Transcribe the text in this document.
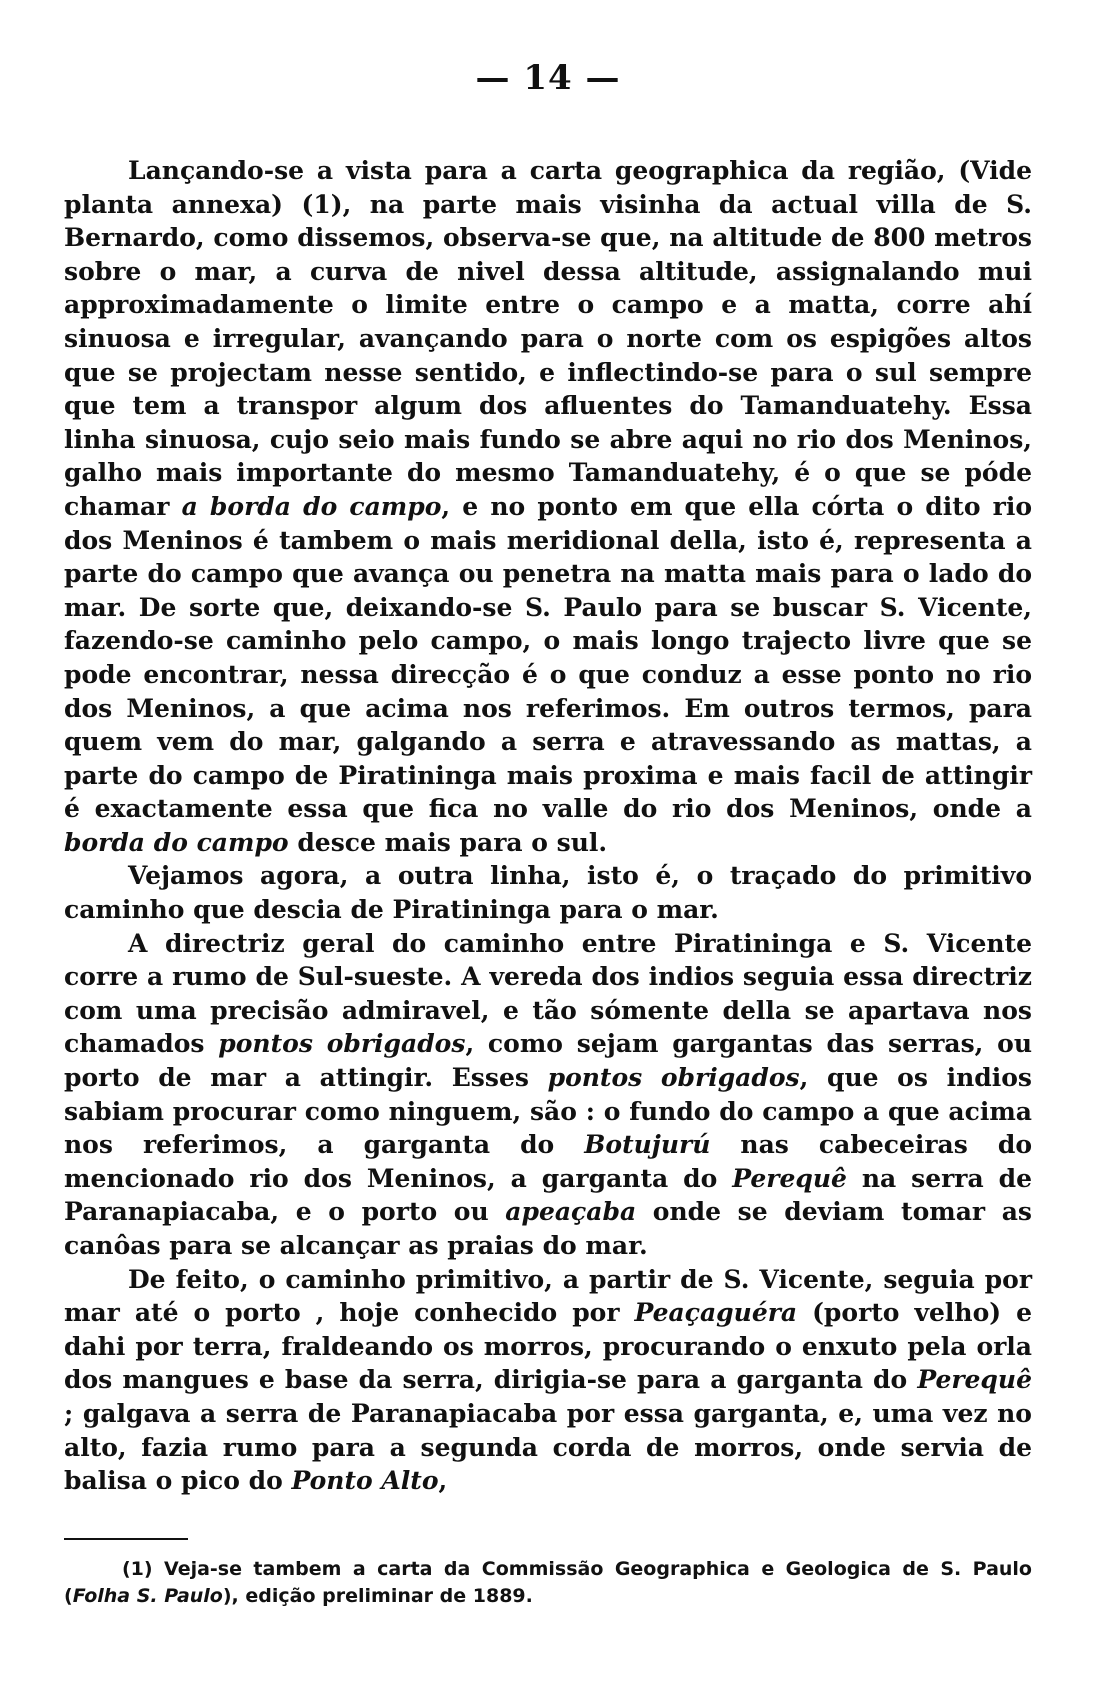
— 14 —

Lançando-se a vista para a carta geographica da região, (Vide planta annexa) (1), na parte mais visinha da actual villa de S. Bernardo, como dissemos, observa-se que, na altitude de 800 metros sobre o mar, a curva de nivel dessa altitude, assignalando mui approximadamente o limite entre o campo e a matta, corre ahí sinuosa e irregular, avançando para o norte com os espigões altos que se projectam nesse sentido, e inflectindo-se para o sul sempre que tem a transpor algum dos afluentes do Tamanduatehy. Essa linha sinuosa, cujo seio mais fundo se abre aqui no rio dos Meninos, galho mais importante do mesmo Tamanduatehy, é o que se póde chamar a borda do campo, e no ponto em que ella córta o dito rio dos Meninos é tambem o mais meridional della, isto é, representa a parte do campo que avança ou penetra na matta mais para o lado do mar. De sorte que, deixando-se S. Paulo para se buscar S. Vicente, fazendo-se caminho pelo campo, o mais longo trajecto livre que se pode encontrar, nessa direcção é o que conduz a esse ponto no rio dos Meninos, a que acima nos referimos. Em outros termos, para quem vem do mar, galgando a serra e atravessando as mattas, a parte do campo de Piratininga mais proxima e mais facil de attingir é exactamente essa que fica no valle do rio dos Meninos, onde a borda do campo desce mais para o sul.

Vejamos agora, a outra linha, isto é, o traçado do primitivo caminho que descia de Piratininga para o mar.

A directriz geral do caminho entre Piratininga e S. Vicente corre a rumo de Sul-sueste. A vereda dos indios seguia essa directriz com uma precisão admiravel, e tão sómente della se apartava nos chamados pontos obrigados, como sejam gargantas das serras, ou porto de mar a attingir. Esses pontos obrigados, que os indios sabiam procurar como ninguem, são : o fundo do campo a que acima nos referimos, a garganta do Botujurú nas cabeceiras do mencionado rio dos Meninos, a garganta do Perequê na serra de Paranapiacaba, e o porto ou apeaçaba onde se deviam tomar as canôas para se alcançar as praias do mar.

De feito, o caminho primitivo, a partir de S. Vicente, seguia por mar até o porto , hoje conhecido por Peaçaguéra (porto velho) e dahi por terra, fraldeando os morros, procurando o enxuto pela orla dos mangues e base da serra, dirigia-se para a garganta do Perequê ; galgava a serra de Paranapiacaba por essa garganta, e, uma vez no alto, fazia rumo para a segunda corda de morros, onde servia de balisa o pico do Ponto Alto,

(1) Veja-se tambem a carta da Commissão Geographica e Geologica de S. Paulo (Folha S. Paulo), edição preliminar de 1889.
